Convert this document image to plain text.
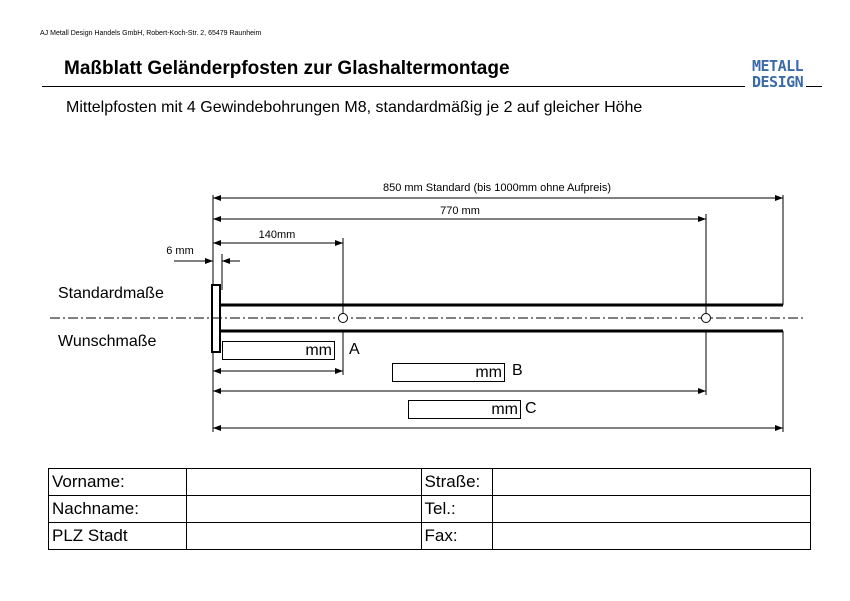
AJ Metall Design Handels GmbH, Robert-Koch-Str. 2, 65479 Raunheim
Maßblatt Geländerpfosten zur Glashaltermontage	METALL
DESIGN
Mittelpfosten mit 4 Gewindebohrungen M8, standardmäßig je 2 auf gleicher Höhe
Standardmaße
Wunschmaße
850 mm Standard (bis 1000mm ohne Aufpreis)
770 mm
140mm
6 mm
mm A
mm B
mm C
Vorname:		Straße:	
Nachname:		Tel.:	
PLZ Stadt		Fax:	
